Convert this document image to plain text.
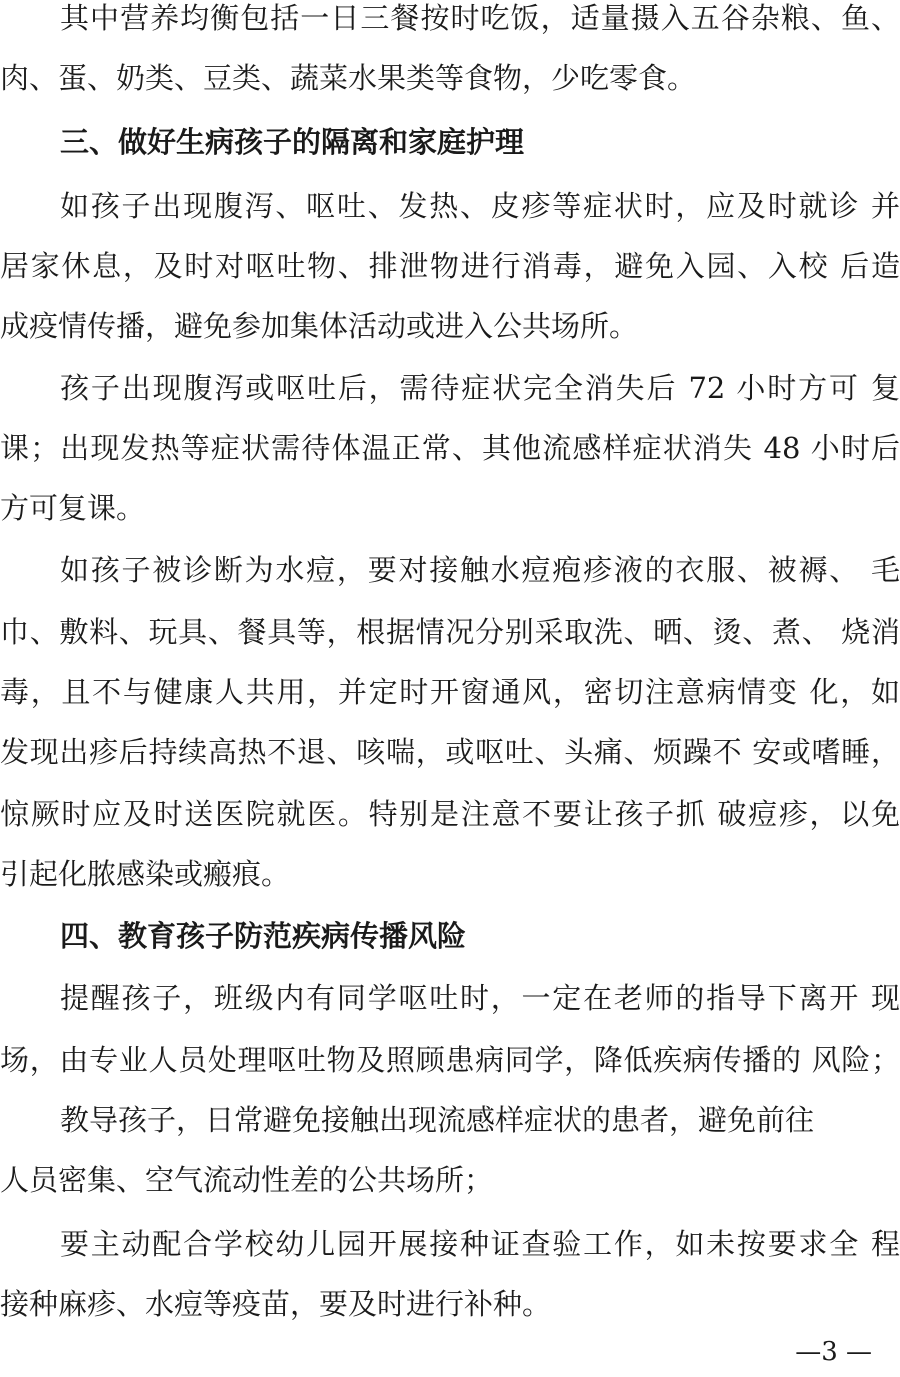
其中营养均衡包括一日三餐按时吃饭，适量摄入五谷杂粮、鱼、
肉、蛋、奶类、豆类、蔬菜水果类等食物，少吃零食。
三、做好生病孩子的隔离和家庭护理
如孩子出现腹泻、呕吐、发热、皮疹等症状时，应及时就诊 并
居家休息，及时对呕吐物、排泄物进行消毒，避免入园、入校 后造
成疫情传播，避免参加集体活动或进入公共场所。
孩子出现腹泻或呕吐后，需待症状完全消失后 72 小时方可 复
课；出现发热等症状需待体温正常、其他流感样症状消失 48 小时后
方可复课。
如孩子被诊断为水痘，要对接触水痘疱疹液的衣服、被褥、 毛
巾、敷料、玩具、餐具等，根据情况分别采取洗、晒、烫、煮、 烧消
毒，且不与健康人共用，并定时开窗通风，密切注意病情变 化，如
发现出疹后持续高热不退、咳喘，或呕吐、头痛、烦躁不 安或嗜睡，
惊厥时应及时送医院就医。特别是注意不要让孩子抓 破痘疹，以免
引起化脓感染或瘢痕。
四、教育孩子防范疾病传播风险
提醒孩子，班级内有同学呕吐时，一定在老师的指导下离开 现
场，由专业人员处理呕吐物及照顾患病同学，降低疾病传播的 风险；
教导孩子，日常避免接触出现流感样症状的患者，避免前往
人员密集、空气流动性差的公共场所；
要主动配合学校幼儿园开展接种证查验工作，如未按要求全 程
接种麻疹、水痘等疫苗，要及时进行补种。
—3 —
